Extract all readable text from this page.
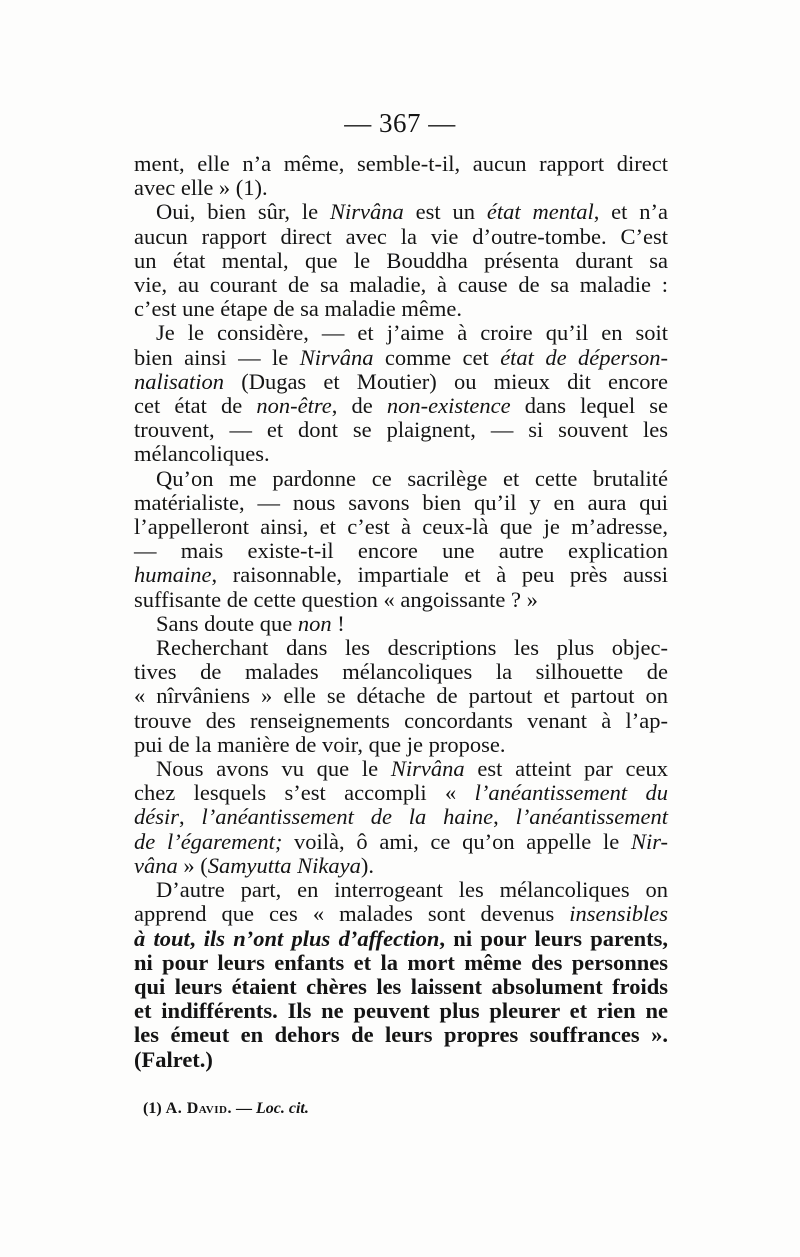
— 367 —
ment, elle n’a même, semble-t-il, aucun rapport direct
avec elle » (1).
Oui, bien sûr, le Nirvâna est un état mental, et n’a
aucun rapport direct avec la vie d’outre-tombe. C’est
un état mental, que le Bouddha présenta durant sa
vie, au courant de sa maladie, à cause de sa maladie :
c’est une étape de sa maladie même.
Je le considère, — et j’aime à croire qu’il en soit
bien ainsi — le Nirvâna comme cet état de déperson-
nalisation (Dugas et Moutier) ou mieux dit encore
cet état de non-être, de non-existence dans lequel se
trouvent, — et dont se plaignent, — si souvent les
mélancoliques.
Qu’on me pardonne ce sacrilège et cette brutalité
matérialiste, — nous savons bien qu’il y en aura qui
l’appelleront ainsi, et c’est à ceux-là que je m’adresse,
— mais existe-t-il encore une autre explication
humaine, raisonnable, impartiale et à peu près aussi
suffisante de cette question « angoissante ? »
Sans doute que non !
Recherchant dans les descriptions les plus objec-
tives de malades mélancoliques la silhouette de
« nîrvâniens » elle se détache de partout et partout on
trouve des renseignements concordants venant à l’ap-
pui de la manière de voir, que je propose.
Nous avons vu que le Nirvâna est atteint par ceux
chez lesquels s’est accompli « l’anéantissement du
désir, l’anéantissement de la haine, l’anéantissement
de l’égarement; voilà, ô ami, ce qu’on appelle le Nir-
vâna » (Samyutta Nikaya).
D’autre part, en interrogeant les mélancoliques on
apprend que ces « malades sont devenus insensibles
à tout, ils n’ont plus d’affection, ni pour leurs parents,
ni pour leurs enfants et la mort même des personnes
qui leurs étaient chères les laissent absolument froids
et indifférents. Ils ne peuvent plus pleurer et rien ne
les émeut en dehors de leurs propres souffrances ».
(Falret.)
(1) A. David. — Loc. cit.
